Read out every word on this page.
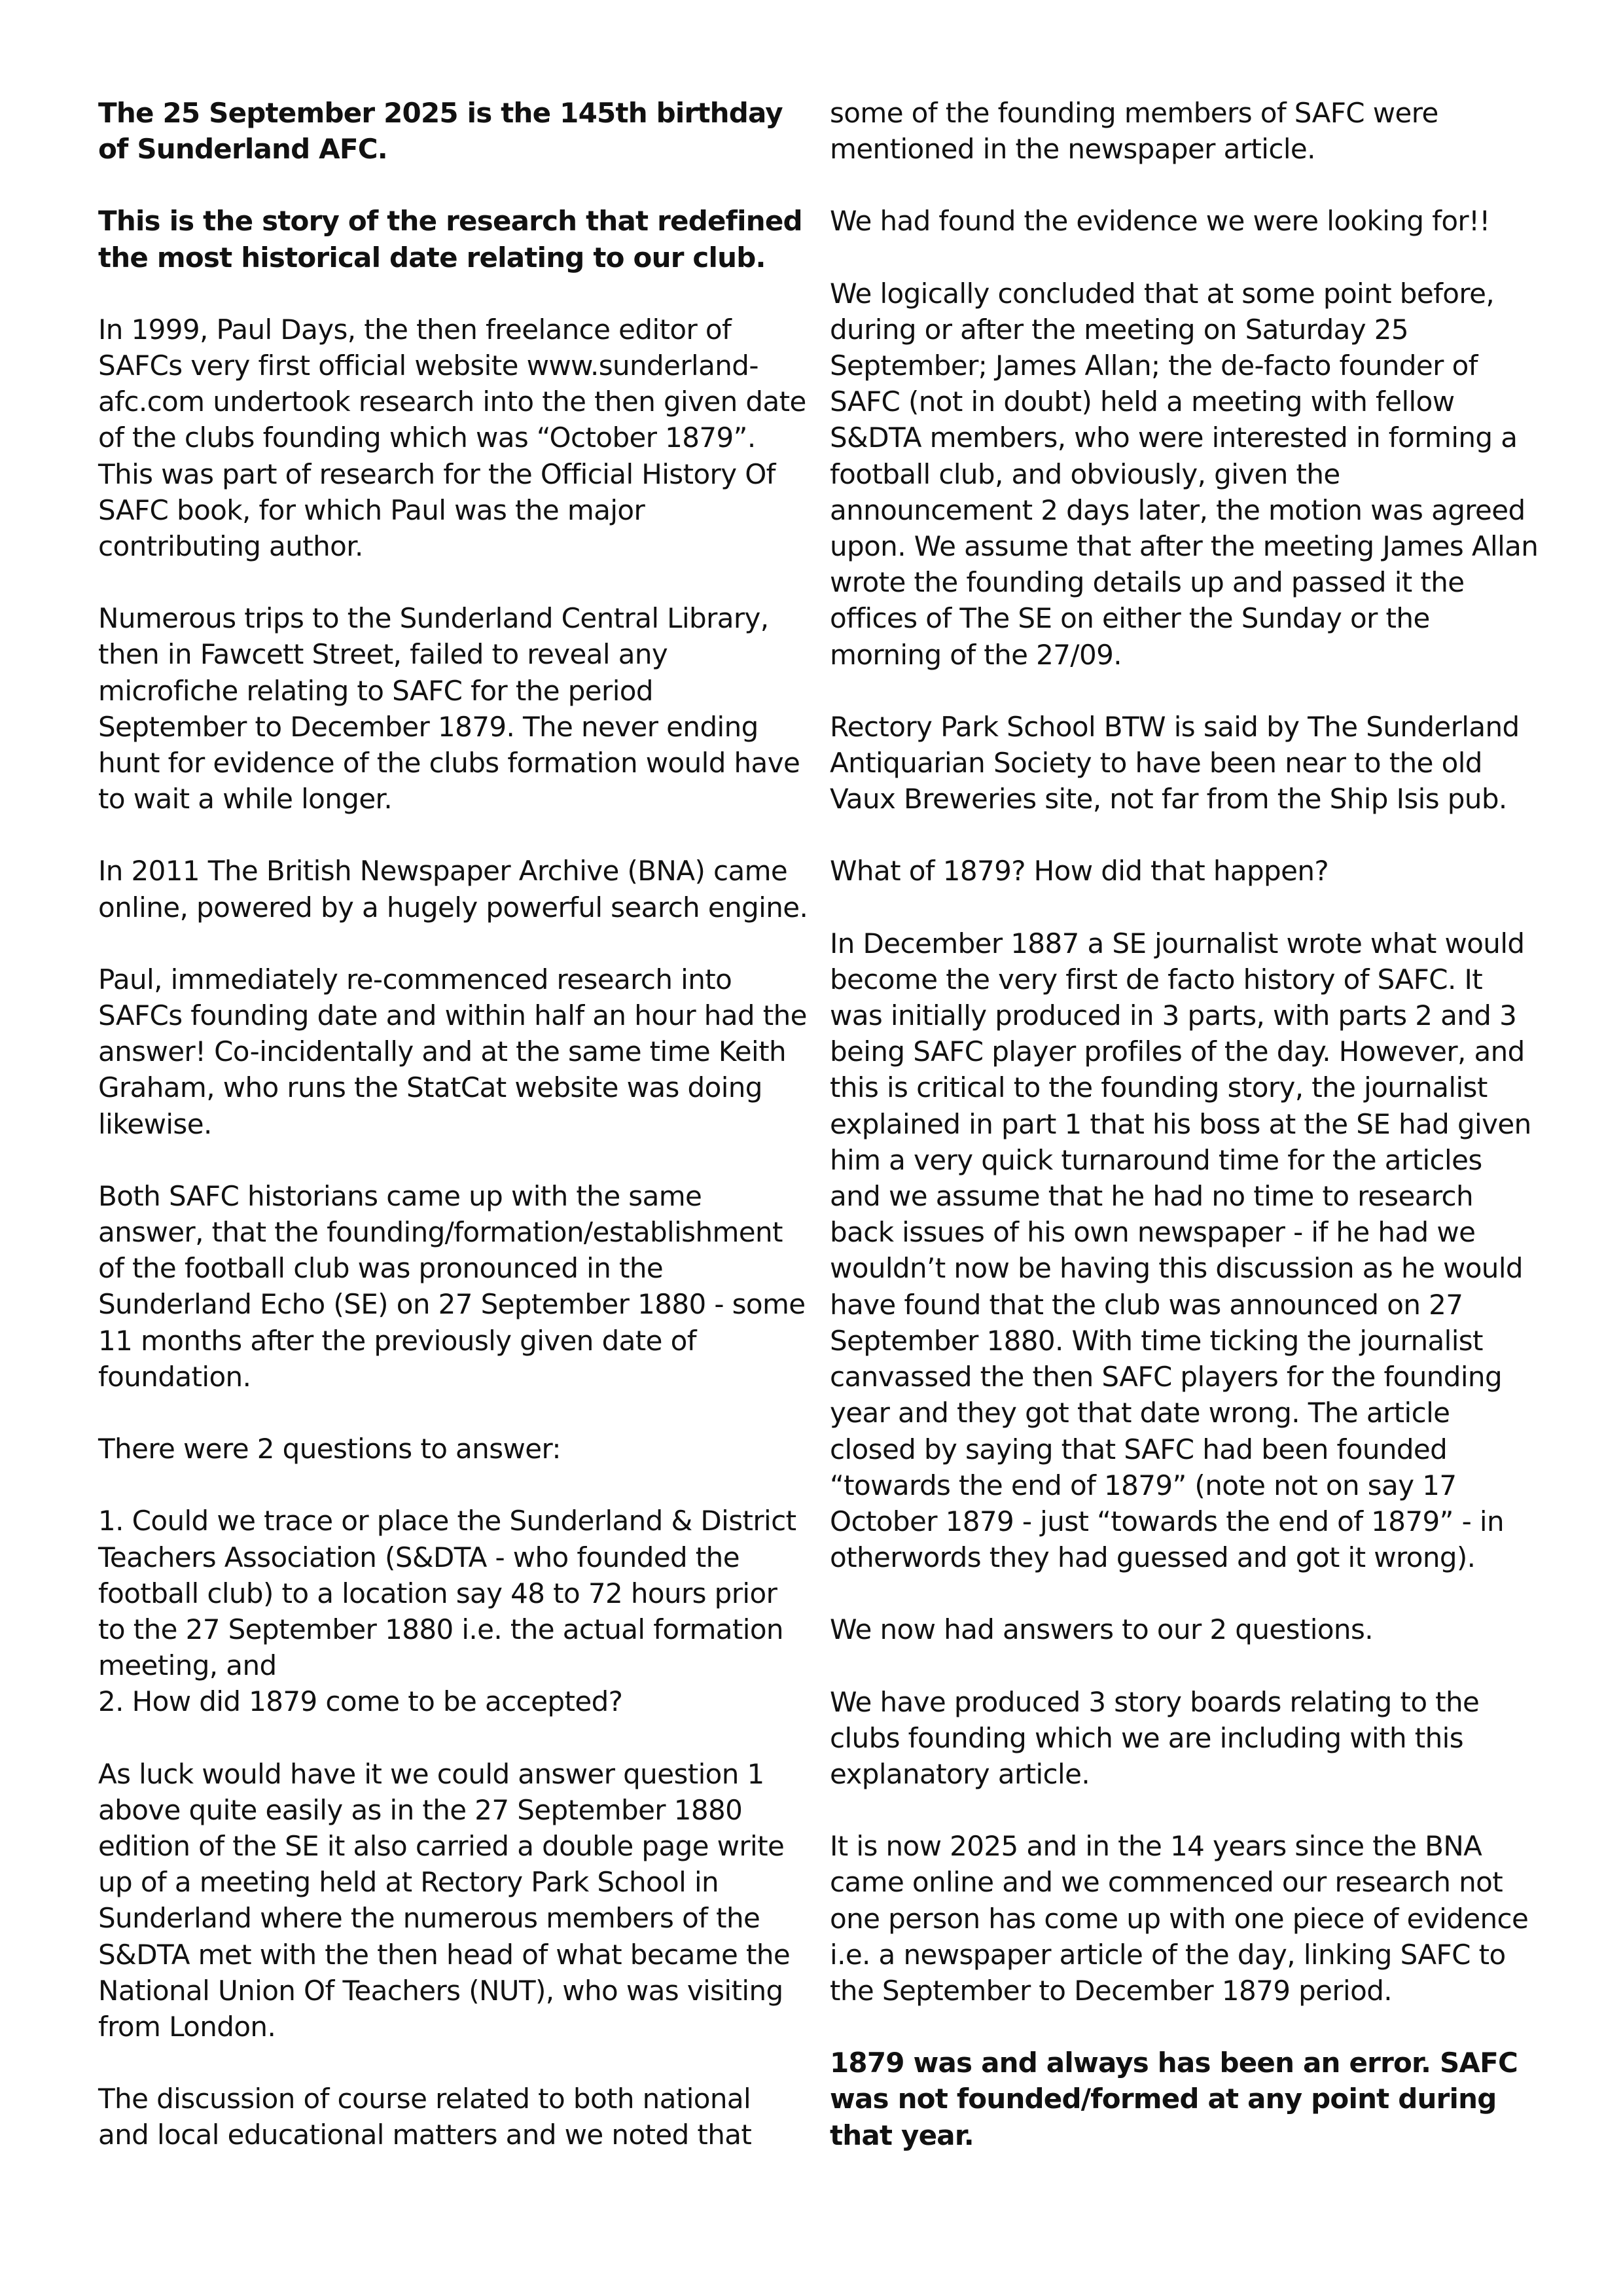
The 25 September 2025 is the 145th birthday of Sunderland AFC.

This is the story of the research that redefined the most historical date relating to our club.

In 1999, Paul Days, the then freelance editor of SAFCs very first official website www.sunderland-afc.com undertook research into the then given date of the clubs founding which was “October 1879”. This was part of research for the Official History Of SAFC book, for which Paul was the major contributing author.

Numerous trips to the Sunderland Central Library, then in Fawcett Street, failed to reveal any microfiche relating to SAFC for the period September to December 1879. The never ending hunt for evidence of the clubs formation would have to wait a while longer.

In 2011 The British Newspaper Archive (BNA) came online, powered by a hugely powerful search engine.

Paul, immediately re-commenced research into SAFCs founding date and within half an hour had the answer! Co-incidentally and at the same time Keith Graham, who runs the StatCat website was doing likewise.

Both SAFC historians came up with the same answer, that the founding/formation/establishment of the football club was pronounced in the Sunderland Echo (SE) on 27 September 1880 - some 11 months after the previously given date of foundation.

There were 2 questions to answer:

1. Could we trace or place the Sunderland & District Teachers Association (S&DTA - who founded the football club) to a location say 48 to 72 hours prior to the 27 September 1880 i.e. the actual formation meeting, and
2. How did 1879 come to be accepted?

As luck would have it we could answer question 1 above quite easily as in the 27 September 1880 edition of the SE it also carried a double page write up of a meeting held at Rectory Park School in Sunderland where the numerous members of the S&DTA met with the then head of what became the National Union Of Teachers (NUT), who was visiting from London.

The discussion of course related to both national and local educational matters and we noted that

some of the founding members of SAFC were mentioned in the newspaper article.

We had found the evidence we were looking for!!

We logically concluded that at some point before, during or after the meeting on Saturday 25 September; James Allan; the de-facto founder of SAFC (not in doubt) held a meeting with fellow S&DTA members, who were interested in forming a football club, and obviously, given the announcement 2 days later, the motion was agreed upon. We assume that after the meeting James Allan wrote the founding details up and passed it the offices of The SE on either the Sunday or the morning of the 27/09.

Rectory Park School BTW is said by The Sunderland Antiquarian Society to have been near to the old Vaux Breweries site, not far from the Ship Isis pub.

What of 1879? How did that happen?

In December 1887 a SE journalist wrote what would become the very first de facto history of SAFC. It was initially produced in 3 parts, with parts 2 and 3 being SAFC player profiles of the day. However, and this is critical to the founding story, the journalist explained in part 1 that his boss at the SE had given him a very quick turnaround time for the articles and we assume that he had no time to research back issues of his own newspaper - if he had we wouldn’t now be having this discussion as he would have found that the club was announced on 27 September 1880. With time ticking the journalist canvassed the then SAFC players for the founding year and they got that date wrong. The article closed by saying that SAFC had been founded “towards the end of 1879” (note not on say 17 October 1879 - just “towards the end of 1879” - in otherwords they had guessed and got it wrong).

We now had answers to our 2 questions.

We have produced 3 story boards relating to the clubs founding which we are including with this explanatory article.

It is now 2025 and in the 14 years since the BNA came online and we commenced our research not one person has come up with one piece of evidence i.e. a newspaper article of the day, linking SAFC to the September to December 1879 period.

1879 was and always has been an error. SAFC was not founded/formed at any point during that year.
